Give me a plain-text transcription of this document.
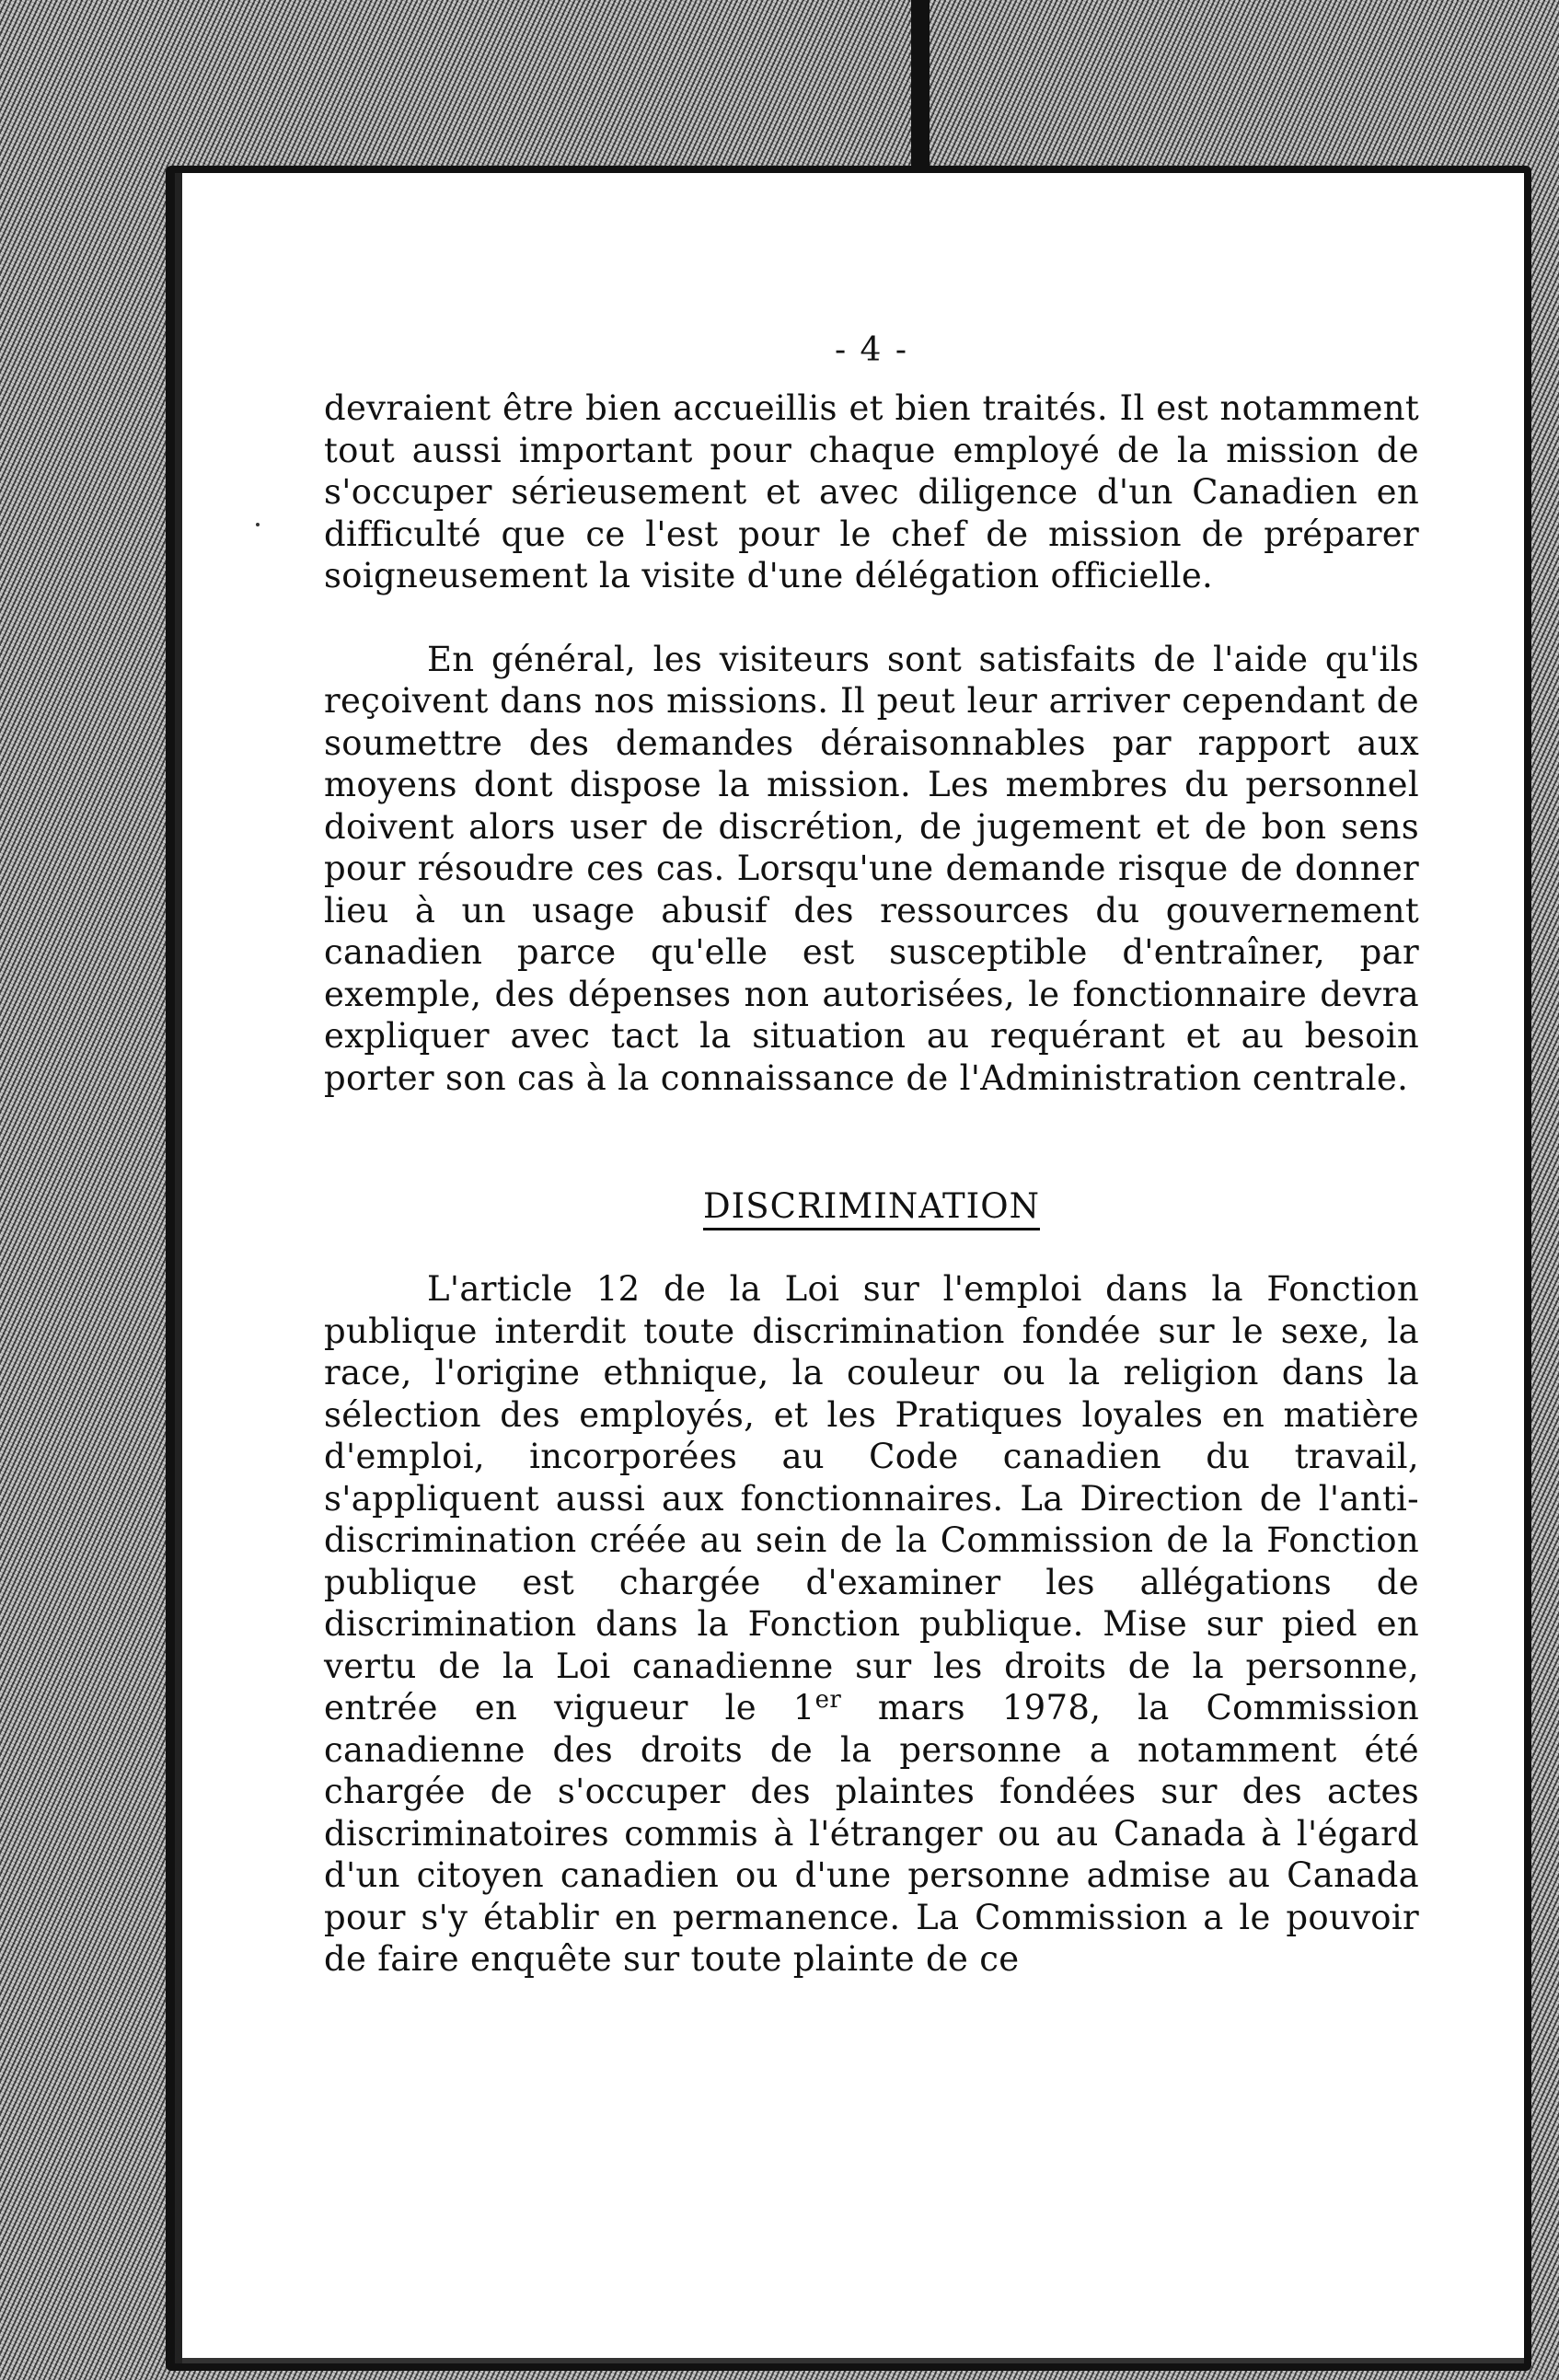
- 4 -

devraient être bien accueillis et bien traités. Il est notamment tout aussi important pour chaque employé de la mission de s'occuper sérieusement et avec diligence d'un Canadien en difficulté que ce l'est pour le chef de mission de préparer soigneusement la visite d'une délégation officielle.

En général, les visiteurs sont satisfaits de l'aide qu'ils reçoivent dans nos missions. Il peut leur arriver cependant de soumettre des demandes déraisonnables par rapport aux moyens dont dispose la mission. Les membres du personnel doivent alors user de discrétion, de jugement et de bon sens pour résoudre ces cas. Lorsqu'une demande risque de donner lieu à un usage abusif des ressources du gouvernement canadien parce qu'elle est susceptible d'entraîner, par exemple, des dépenses non autorisées, le fonctionnaire devra expliquer avec tact la situation au requérant et au besoin porter son cas à la connaissance de l'Administration centrale.

DISCRIMINATION

L'article 12 de la Loi sur l'emploi dans la Fonction publique interdit toute discrimination fondée sur le sexe, la race, l'origine ethnique, la couleur ou la religion dans la sélection des employés, et les Pratiques loyales en matière d'emploi, incorporées au Code canadien du travail, s'appliquent aussi aux fonctionnaires. La Direction de l'anti-discrimination créée au sein de la Commission de la Fonction publique est chargée d'examiner les allégations de discrimination dans la Fonction publique. Mise sur pied en vertu de la Loi canadienne sur les droits de la personne, entrée en vigueur le 1er mars 1978, la Commission canadienne des droits de la personne a notamment été chargée de s'occuper des plaintes fondées sur des actes discriminatoires commis à l'étranger ou au Canada à l'égard d'un citoyen canadien ou d'une personne admise au Canada pour s'y établir en permanence. La Commission a le pouvoir de faire enquête sur toute plainte de ce
